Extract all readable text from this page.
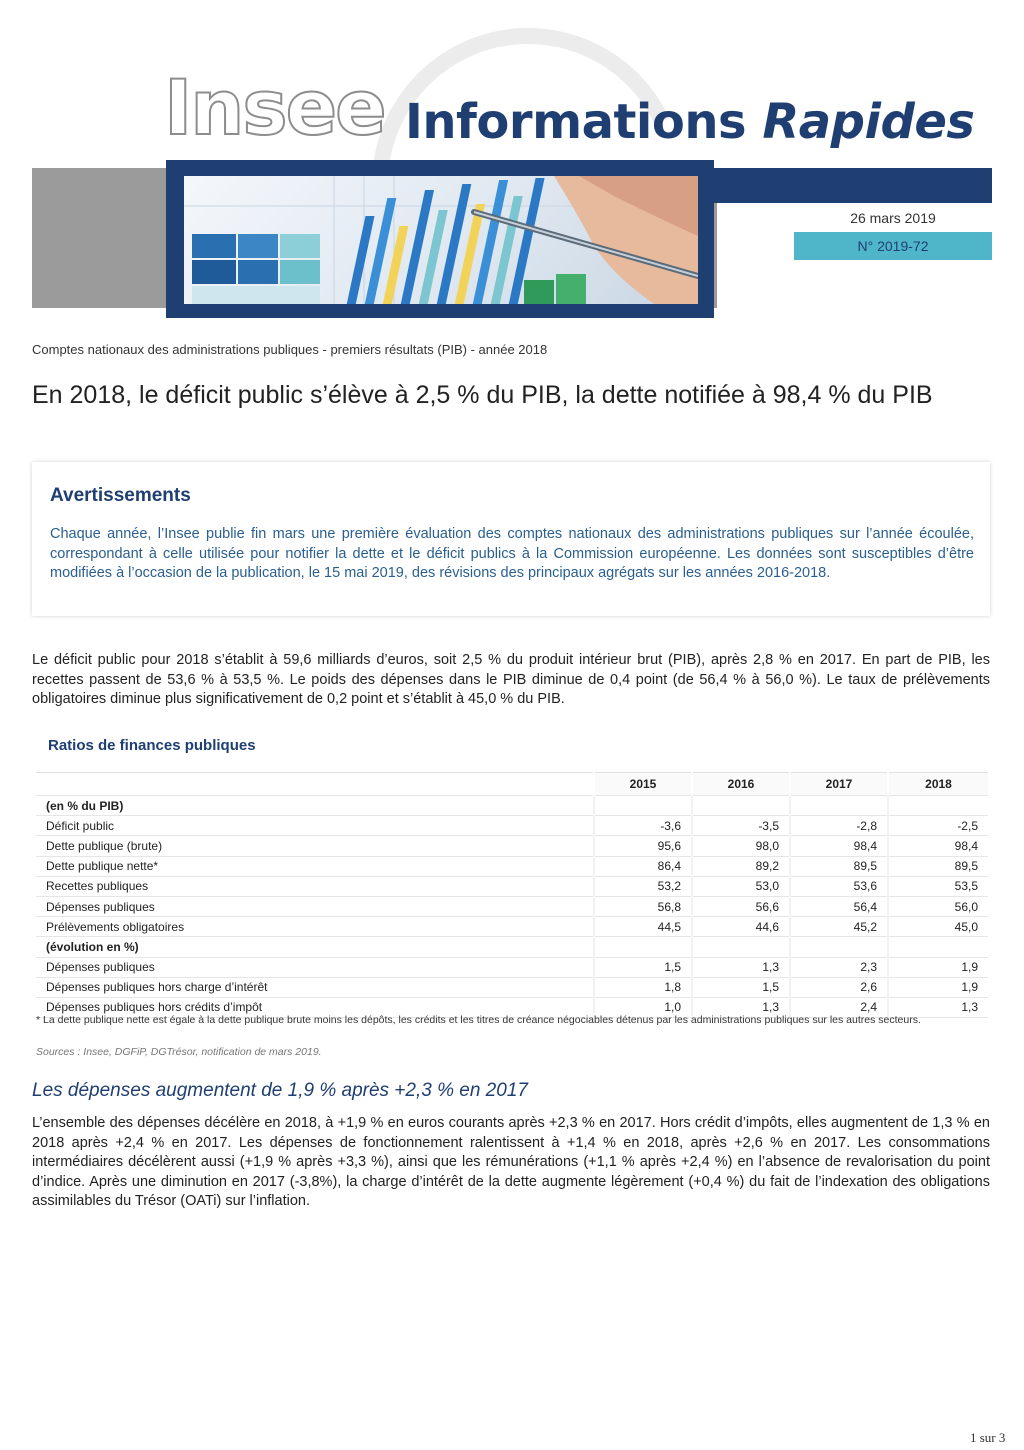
Insee Informations Rapides
26 mars 2019
N° 2019-72
Comptes nationaux des administrations publiques - premiers résultats (PIB) - année 2018
En 2018, le déficit public s’élève à 2,5 % du PIB, la dette notifiée à 98,4 % du PIB
Avertissements
Chaque année, l’Insee publie fin mars une première évaluation des comptes nationaux des administrations publiques sur l’année écoulée, correspondant à celle utilisée pour notifier la dette et le déficit publics à la Commission européenne. Les données sont susceptibles d’être modifiées à l’occasion de la publication, le 15 mai 2019, des révisions des principaux agrégats sur les années 2016-2018.
Le déficit public pour 2018 s’établit à 59,6 milliards d’euros, soit 2,5 % du produit intérieur brut (PIB), après 2,8 % en 2017. En part de PIB, les recettes passent de 53,6 % à 53,5 %. Le poids des dépenses dans le PIB diminue de 0,4 point (de 56,4 % à 56,0 %). Le taux de prélèvements obligatoires diminue plus significativement de 0,2 point et s’établit à 45,0 % du PIB.
Ratios de finances publiques
	2015	2016	2017	2018
(en % du PIB)				
Déficit public	-3,6	-3,5	-2,8	-2,5
Dette publique (brute)	95,6	98,0	98,4	98,4
Dette publique nette*	86,4	89,2	89,5	89,5
Recettes publiques	53,2	53,0	53,6	53,5
Dépenses publiques	56,8	56,6	56,4	56,0
Prélèvements obligatoires	44,5	44,6	45,2	45,0
(évolution en %)				
Dépenses publiques	1,5	1,3	2,3	1,9
Dépenses publiques hors charge d’intérêt	1,8	1,5	2,6	1,9
Dépenses publiques hors crédits d’impôt	1,0	1,3	2,4	1,3
* La dette publique nette est égale à la dette publique brute moins les dépôts, les crédits et les titres de créance négociables détenus par les administrations publiques sur les autres secteurs.
Sources : Insee, DGFiP, DGTrésor, notification de mars 2019.
Les dépenses augmentent de 1,9 % après +2,3 % en 2017
L’ensemble des dépenses décélère en 2018, à +1,9 % en euros courants après +2,3 % en 2017. Hors crédit d’impôts, elles augmentent de 1,3 % en 2018 après +2,4 % en 2017. Les dépenses de fonctionnement ralentissent à +1,4 % en 2018, après +2,6 % en 2017. Les consommations intermédiaires décélèrent aussi (+1,9 % après +3,3 %), ainsi que les rémunérations (+1,1 % après +2,4 %) en l’absence de revalorisation du point d’indice. Après une diminution en 2017 (-3,8%), la charge d’intérêt de la dette augmente légèrement (+0,4 %) du fait de l’indexation des obligations assimilables du Trésor (OATi) sur l’inflation.
1 sur 3
